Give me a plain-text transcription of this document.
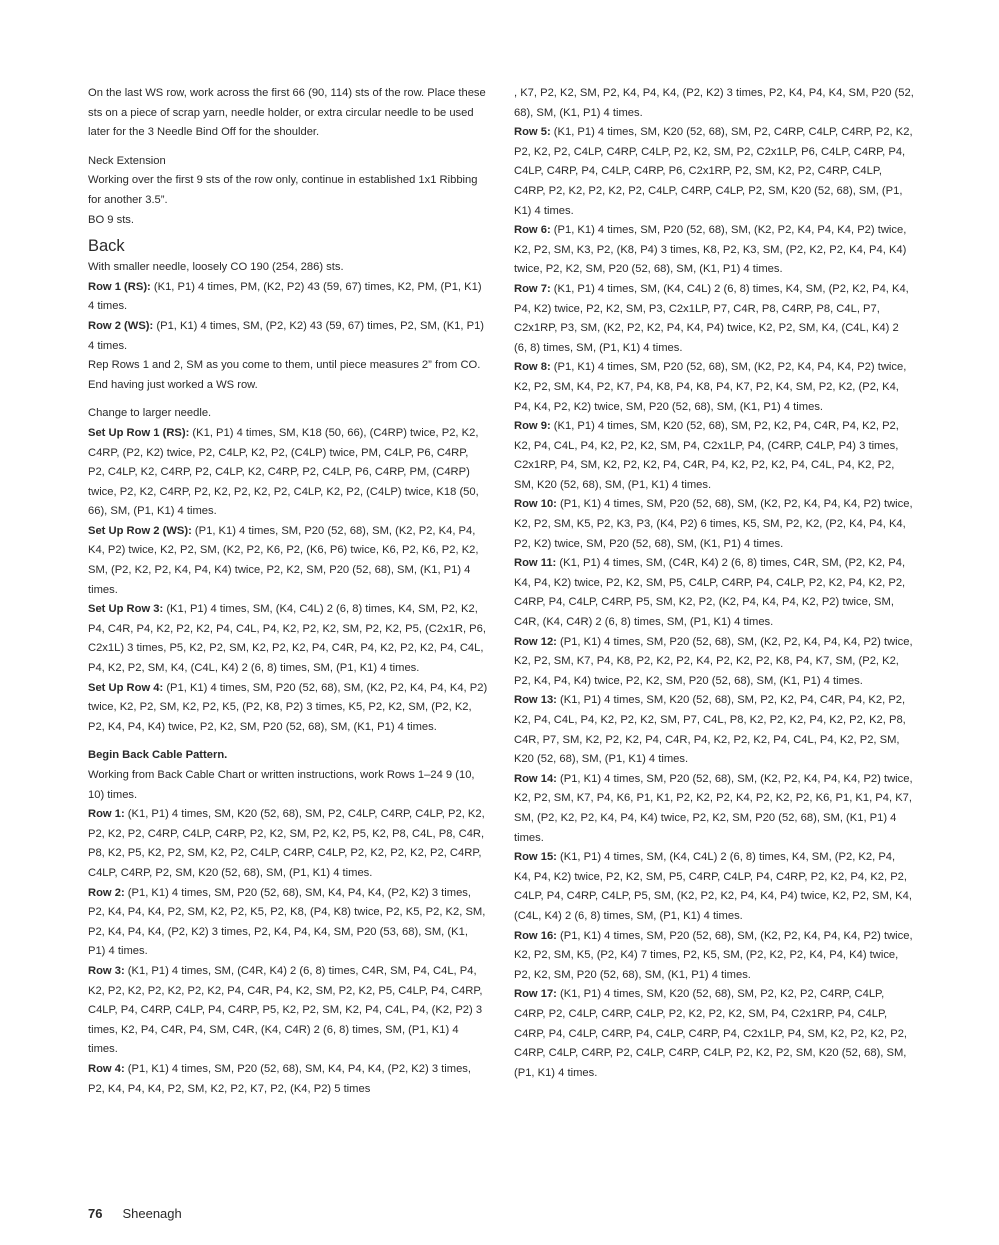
On the last WS row, work across the first 66 (90, 114) sts of the row. Place these sts on a piece of scrap yarn, needle holder, or extra circular needle to be used later for the 3 Needle Bind Off for the shoulder.

Neck Extension

Working over the first 9 sts of the row only, continue in established 1x1 Ribbing for another 3.5”.

BO 9 sts.

Back

With smaller needle, loosely CO 190 (254, 286) sts.

Row 1 (RS): (K1, P1) 4 times, PM, (K2, P2) 43 (59, 67) times, K2, PM, (P1, K1) 4 times.

Row 2 (WS): (P1, K1) 4 times, SM, (P2, K2) 43 (59, 67) times, P2, SM, (K1, P1) 4 times.

Rep Rows 1 and 2, SM as you come to them, until piece measures 2” from CO. End having just worked a WS row.

Change to larger needle.

Set Up Row 1 (RS): (K1, P1) 4 times, SM, K18 (50, 66), (C4RP) twice, P2, K2, C4RP, (P2, K2) twice, P2, C4LP, K2, P2, (C4LP) twice, PM, C4LP, P6, C4RP, P2, C4LP, K2, C4RP, P2, C4LP, K2, C4RP, P2, C4LP, P6, C4RP, PM, (C4RP) twice, P2, K2, C4RP, P2, K2, P2, K2, P2, C4LP, K2, P2, (C4LP) twice, K18 (50, 66), SM, (P1, K1) 4 times.

Set Up Row 2 (WS): (P1, K1) 4 times, SM, P20 (52, 68), SM, (K2, P2, K4, P4, K4, P2) twice, K2, P2, SM, (K2, P2, K6, P2, (K6, P6) twice, K6, P2, K6, P2, K2, SM, (P2, K2, P2, K4, P4, K4) twice, P2, K2, SM, P20 (52, 68), SM, (K1, P1) 4 times.

Set Up Row 3: (K1, P1) 4 times, SM, (K4, C4L) 2 (6, 8) times, K4, SM, P2, K2, P4, C4R, P4, K2, P2, K2, P4, C4L, P4, K2, P2, K2, SM, P2, K2, P5, (C2x1R, P6, C2x1L) 3 times, P5, K2, P2, SM, K2, P2, K2, P4, C4R, P4, K2, P2, K2, P4, C4L, P4, K2, P2, SM, K4, (C4L, K4) 2 (6, 8) times, SM, (P1, K1) 4 times.

Set Up Row 4: (P1, K1) 4 times, SM, P20 (52, 68), SM, (K2, P2, K4, P4, K4, P2) twice, K2, P2, SM, K2, P2, K5, (P2, K8, P2) 3 times, K5, P2, K2, SM, (P2, K2, P2, K4, P4, K4) twice, P2, K2, SM, P20 (52, 68), SM, (K1, P1) 4 times.

Begin Back Cable Pattern.

Working from Back Cable Chart or written instructions, work Rows 1–24 9 (10, 10) times.

Row 1: (K1, P1) 4 times, SM, K20 (52, 68), SM, P2, C4LP, C4RP, C4LP, P2, K2, P2, K2, P2, C4RP, C4LP, C4RP, P2, K2, SM, P2, K2, P5, K2, P8, C4L, P8, C4R, P8, K2, P5, K2, P2, SM, K2, P2, C4LP, C4RP, C4LP, P2, K2, P2, K2, P2, C4RP, C4LP, C4RP, P2, SM, K20 (52, 68), SM, (P1, K1) 4 times.

Row 2: (P1, K1) 4 times, SM, P20 (52, 68), SM, K4, P4, K4, (P2, K2) 3 times, P2, K4, P4, K4, P2, SM, K2, P2, K5, P2, K8, (P4, K8) twice, P2, K5, P2, K2, SM, P2, K4, P4, K4, (P2, K2) 3 times, P2, K4, P4, K4, SM, P20 (53, 68), SM, (K1, P1) 4 times.

Row 3: (K1, P1) 4 times, SM, (C4R, K4) 2 (6, 8) times, C4R, SM, P4, C4L, P4, K2, P2, K2, P2, K2, P2, K2, P4, C4R, P4, K2, SM, P2, K2, P5, C4LP, P4, C4RP, C4LP, P4, C4RP, C4LP, P4, C4RP, P5, K2, P2, SM, K2, P4, C4L, P4, (K2, P2) 3 times, K2, P4, C4R, P4, SM, C4R, (K4, C4R) 2 (6, 8) times, SM, (P1, K1) 4 times.

Row 4: (P1, K1) 4 times, SM, P20 (52, 68), SM, K4, P4, K4, (P2, K2) 3 times, P2, K4, P4, K4, P2, SM, K2, P2, K7, P2, (K4, P2) 5 times

, K7, P2, K2, SM, P2, K4, P4, K4, (P2, K2) 3 times, P2, K4, P4, K4, SM, P20 (52, 68), SM, (K1, P1) 4 times.

Row 5: (K1, P1) 4 times, SM, K20 (52, 68), SM, P2, C4RP, C4LP, C4RP, P2, K2, P2, K2, P2, C4LP, C4RP, C4LP, P2, K2, SM, P2, C2x1LP, P6, C4LP, C4RP, P4, C4LP, C4RP, P4, C4LP, C4RP, P6, C2x1RP, P2, SM, K2, P2, C4RP, C4LP, C4RP, P2, K2, P2, K2, P2, C4LP, C4RP, C4LP, P2, SM, K20 (52, 68), SM, (P1, K1) 4 times.

Row 6: (P1, K1) 4 times, SM, P20 (52, 68), SM, (K2, P2, K4, P4, K4, P2) twice, K2, P2, SM, K3, P2, (K8, P4) 3 times, K8, P2, K3, SM, (P2, K2, P2, K4, P4, K4) twice, P2, K2, SM, P20 (52, 68), SM, (K1, P1) 4 times.

Row 7: (K1, P1) 4 times, SM, (K4, C4L) 2 (6, 8) times, K4, SM, (P2, K2, P4, K4, P4, K2) twice, P2, K2, SM, P3, C2x1LP, P7, C4R, P8, C4RP, P8, C4L, P7, C2x1RP, P3, SM, (K2, P2, K2, P4, K4, P4) twice, K2, P2, SM, K4, (C4L, K4) 2 (6, 8) times, SM, (P1, K1) 4 times.

Row 8: (P1, K1) 4 times, SM, P20 (52, 68), SM, (K2, P2, K4, P4, K4, P2) twice, K2, P2, SM, K4, P2, K7, P4, K8, P4, K8, P4, K7, P2, K4, SM, P2, K2, (P2, K4, P4, K4, P2, K2) twice, SM, P20 (52, 68), SM, (K1, P1) 4 times.

Row 9: (K1, P1) 4 times, SM, K20 (52, 68), SM, P2, K2, P4, C4R, P4, K2, P2, K2, P4, C4L, P4, K2, P2, K2, SM, P4, C2x1LP, P4, (C4RP, C4LP, P4) 3 times, C2x1RP, P4, SM, K2, P2, K2, P4, C4R, P4, K2, P2, K2, P4, C4L, P4, K2, P2, SM, K20 (52, 68), SM, (P1, K1) 4 times.

Row 10: (P1, K1) 4 times, SM, P20 (52, 68), SM, (K2, P2, K4, P4, K4, P2) twice, K2, P2, SM, K5, P2, K3, P3, (K4, P2) 6 times, K5, SM, P2, K2, (P2, K4, P4, K4, P2, K2) twice, SM, P20 (52, 68), SM, (K1, P1) 4 times.

Row 11: (K1, P1) 4 times, SM, (C4R, K4) 2 (6, 8) times, C4R, SM, (P2, K2, P4, K4, P4, K2) twice, P2, K2, SM, P5, C4LP, C4RP, P4, C4LP, P2, K2, P4, K2, P2, C4RP, P4, C4LP, C4RP, P5, SM, K2, P2, (K2, P4, K4, P4, K2, P2) twice, SM, C4R, (K4, C4R) 2 (6, 8) times, SM, (P1, K1) 4 times.

Row 12: (P1, K1) 4 times, SM, P20 (52, 68), SM, (K2, P2, K4, P4, K4, P2) twice, K2, P2, SM, K7, P4, K8, P2, K2, P2, K4, P2, K2, P2, K8, P4, K7, SM, (P2, K2, P2, K4, P4, K4) twice, P2, K2, SM, P20 (52, 68), SM, (K1, P1) 4 times.

Row 13: (K1, P1) 4 times, SM, K20 (52, 68), SM, P2, K2, P4, C4R, P4, K2, P2, K2, P4, C4L, P4, K2, P2, K2, SM, P7, C4L, P8, K2, P2, K2, P4, K2, P2, K2, P8, C4R, P7, SM, K2, P2, K2, P4, C4R, P4, K2, P2, K2, P4, C4L, P4, K2, P2, SM, K20 (52, 68), SM, (P1, K1) 4 times.

Row 14: (P1, K1) 4 times, SM, P20 (52, 68), SM, (K2, P2, K4, P4, K4, P2) twice, K2, P2, SM, K7, P4, K6, P1, K1, P2, K2, P2, K4, P2, K2, P2, K6, P1, K1, P4, K7, SM, (P2, K2, P2, K4, P4, K4) twice, P2, K2, SM, P20 (52, 68), SM, (K1, P1) 4 times.

Row 15: (K1, P1) 4 times, SM, (K4, C4L) 2 (6, 8) times, K4, SM, (P2, K2, P4, K4, P4, K2) twice, P2, K2, SM, P5, C4RP, C4LP, P4, C4RP, P2, K2, P4, K2, P2, C4LP, P4, C4RP, C4LP, P5, SM, (K2, P2, K2, P4, K4, P4) twice, K2, P2, SM, K4, (C4L, K4) 2 (6, 8) times, SM, (P1, K1) 4 times.

Row 16: (P1, K1) 4 times, SM, P20 (52, 68), SM, (K2, P2, K4, P4, K4, P2) twice, K2, P2, SM, K5, (P2, K4) 7 times, P2, K5, SM, (P2, K2, P2, K4, P4, K4) twice, P2, K2, SM, P20 (52, 68), SM, (K1, P1) 4 times.

Row 17: (K1, P1) 4 times, SM, K20 (52, 68), SM, P2, K2, P2, C4RP, C4LP, C4RP, P2, C4LP, C4RP, C4LP, P2, K2, P2, K2, SM, P4, C2x1RP, P4, C4LP, C4RP, P4, C4LP, C4RP, P4, C4LP, C4RP, P4, C2x1LP, P4, SM, K2, P2, K2, P2, C4RP, C4LP, C4RP, P2, C4LP, C4RP, C4LP, P2, K2, P2, SM, K20 (52, 68), SM, (P1, K1) 4 times.

76 Sheenagh
